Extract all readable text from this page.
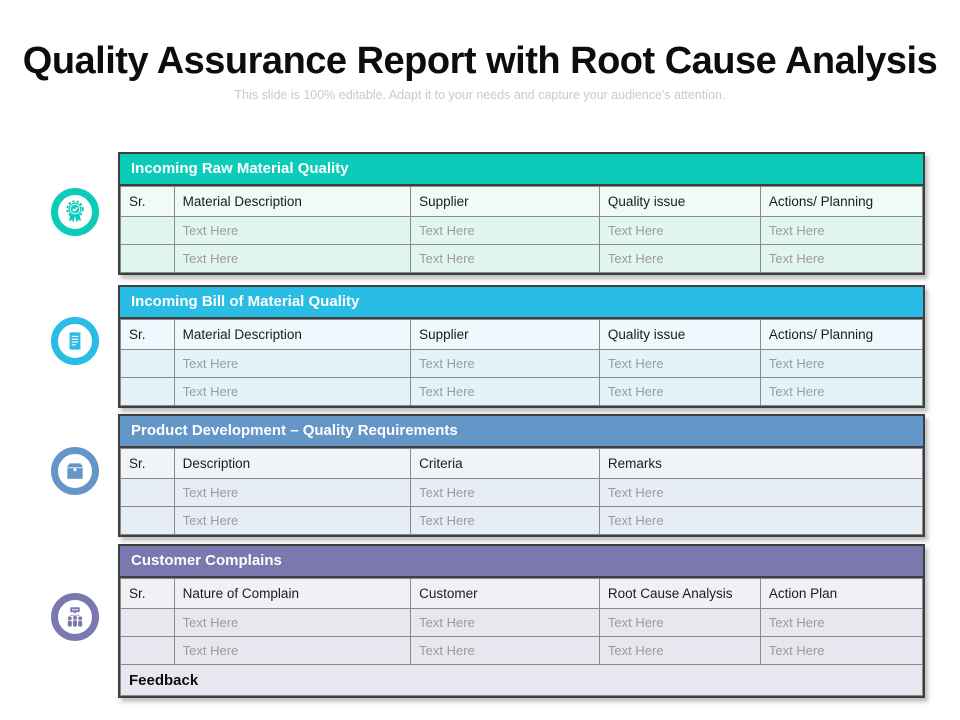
Quality Assurance Report with Root Cause Analysis
This slide is 100% editable. Adapt it to your needs and capture your audience's attention.
Incoming Raw Material Quality
Sr.	Material Description	Supplier	Quality issue	Actions/ Planning
	Text Here	Text Here	Text Here	Text Here
	Text Here	Text Here	Text Here	Text Here
Incoming Bill of Material Quality
Sr.	Material Description	Supplier	Quality issue	Actions/ Planning
	Text Here	Text Here	Text Here	Text Here
	Text Here	Text Here	Text Here	Text Here
Product Development – Quality Requirements
Sr.	Description	Criteria	Remarks
	Text Here	Text Here	Text Here
	Text Here	Text Here	Text Here
Customer Complains
Sr.	Nature of Complain	Customer	Root Cause Analysis	Action Plan
	Text Here	Text Here	Text Here	Text Here
	Text Here	Text Here	Text Here	Text Here
Feedback				
